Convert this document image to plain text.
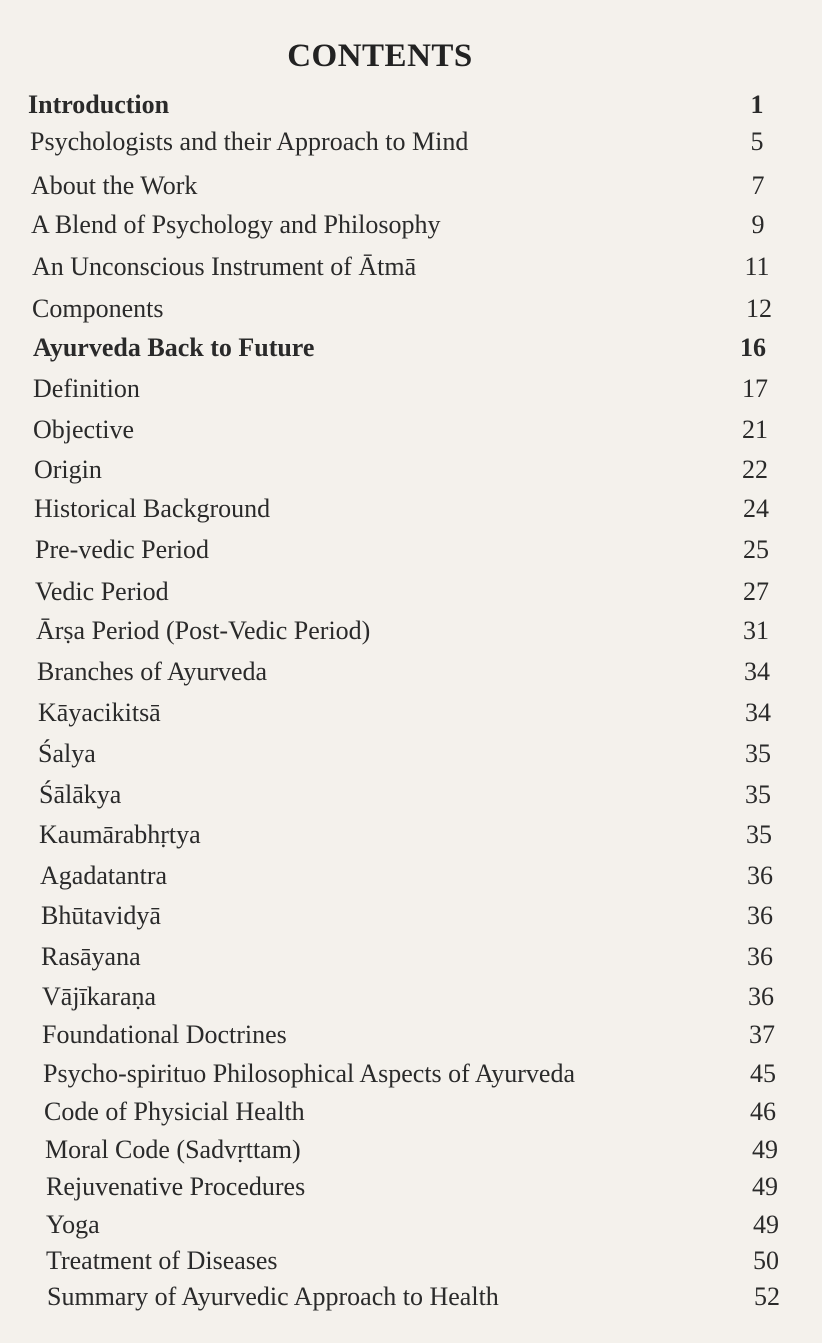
CONTENTS
Introduction	1
Psychologists and their Approach to Mind	5
About the Work	7
A Blend of Psychology and Philosophy	9
An Unconscious Instrument of Ātmā	11
Components	12
Ayurveda Back to Future	16
Definition	17
Objective	21
Origin	22
Historical Background	24
Pre-vedic Period	25
Vedic Period	27
Ārṣa Period (Post-Vedic Period)	31
Branches of Ayurveda	34
Kāyacikitsā	34
Śalya	35
Śālākya	35
Kaumārabhṛtya	35
Agadatantra	36
Bhūtavidyā	36
Rasāyana	36
Vājīkaraṇa	36
Foundational Doctrines	37
Psycho-spirituo Philosophical Aspects of Ayurveda	45
Code of Physicial Health	46
Moral Code (Sadvṛttam)	49
Rejuvenative Procedures	49
Yoga	49
Treatment of Diseases	50
Summary of Ayurvedic Approach to Health	52
